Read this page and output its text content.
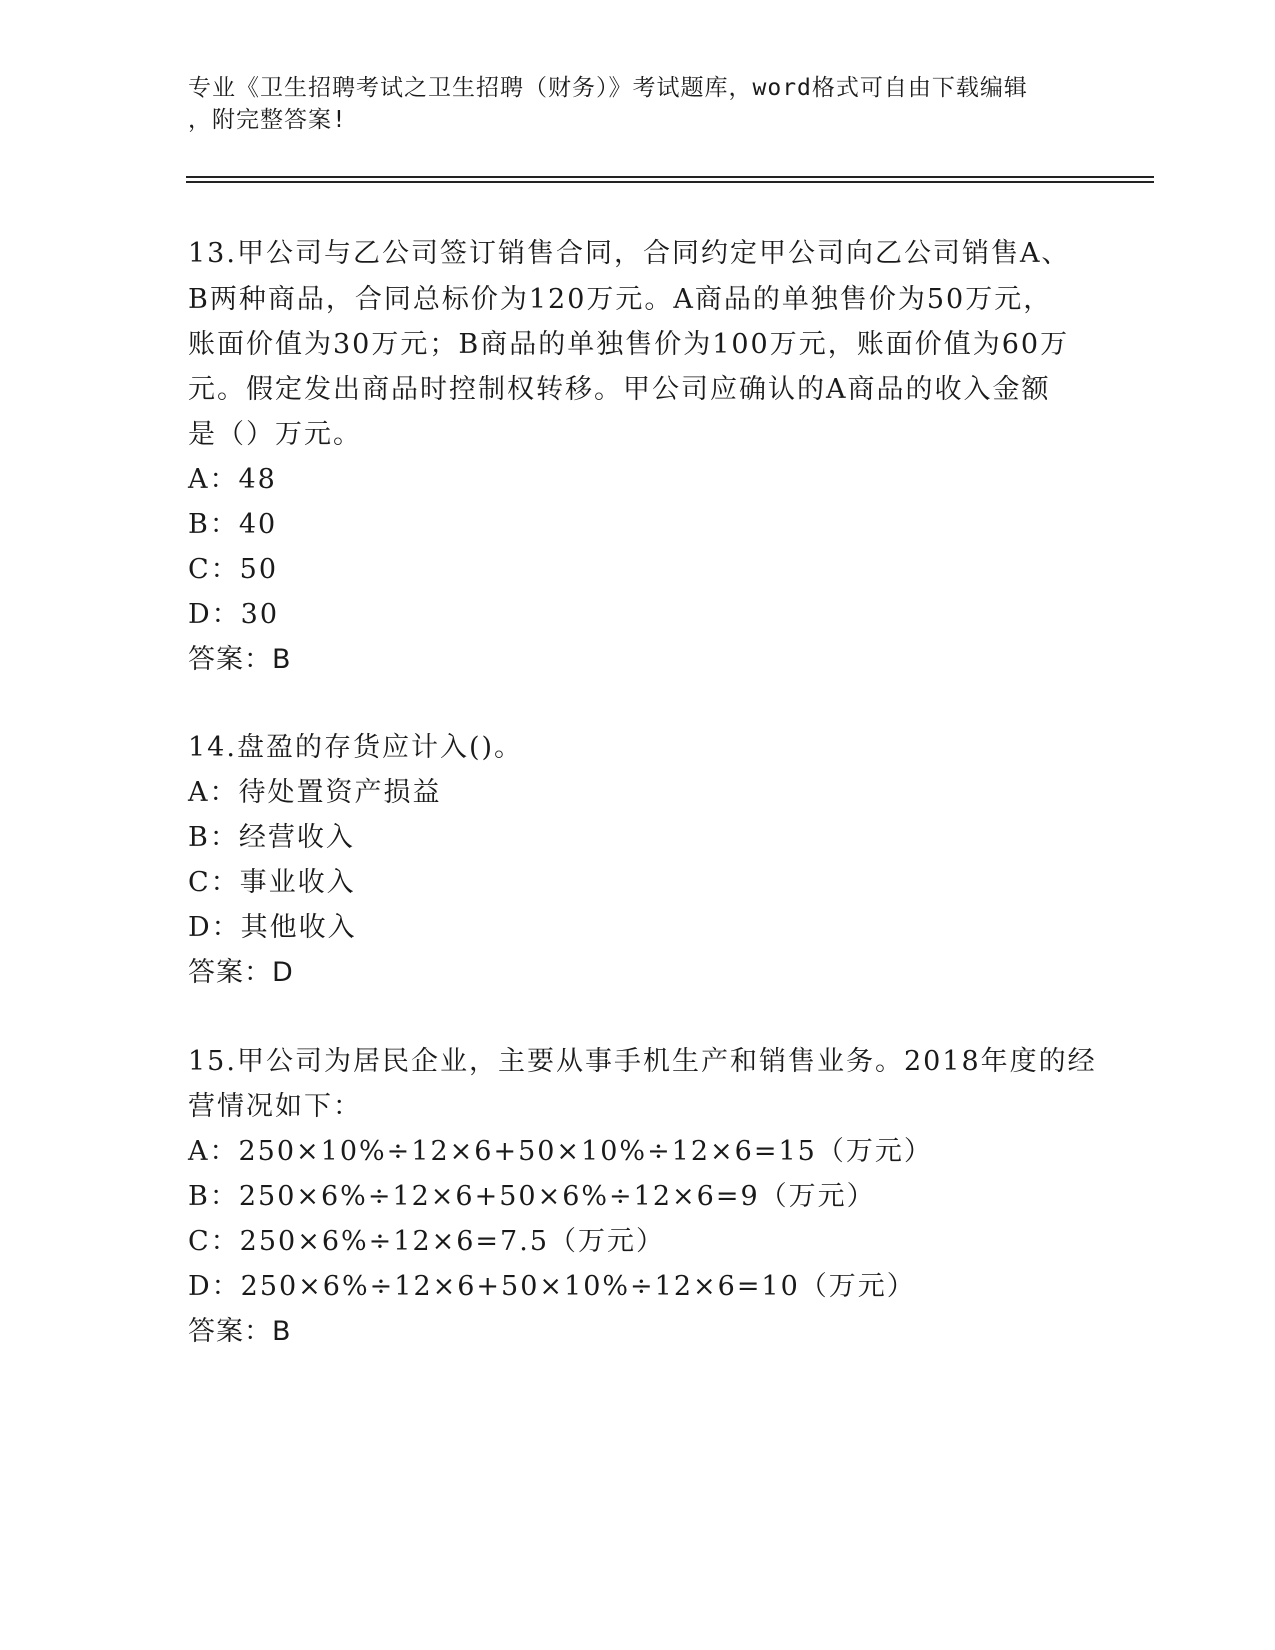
专业《卫生招聘考试之卫生招聘（财务）》考试题库，word格式可自由下载编辑
，附完整答案!
13.甲公司与乙公司签订销售合同，合同约定甲公司向乙公司销售A、
B两种商品，合同总标价为120万元。A商品的单独售价为50万元，
账面价值为30万元；B商品的单独售价为100万元，账面价值为60万
元。假定发出商品时控制权转移。甲公司应确认的A商品的收入金额
是（）万元。
A：48
B：40
C：50
D：30
答案：B
14.盘盈的存货应计入()。
A：待处置资产损益
B：经营收入
C：事业收入
D：其他收入
答案：D
15.甲公司为居民企业，主要从事手机生产和销售业务。2018年度的经
营情况如下：
A：250×10%÷12×6+50×10%÷12×6=15（万元）
B：250×6%÷12×6+50×6%÷12×6=9（万元）
C：250×6%÷12×6=7.5（万元）
D：250×6%÷12×6+50×10%÷12×6=10（万元）
答案：B
